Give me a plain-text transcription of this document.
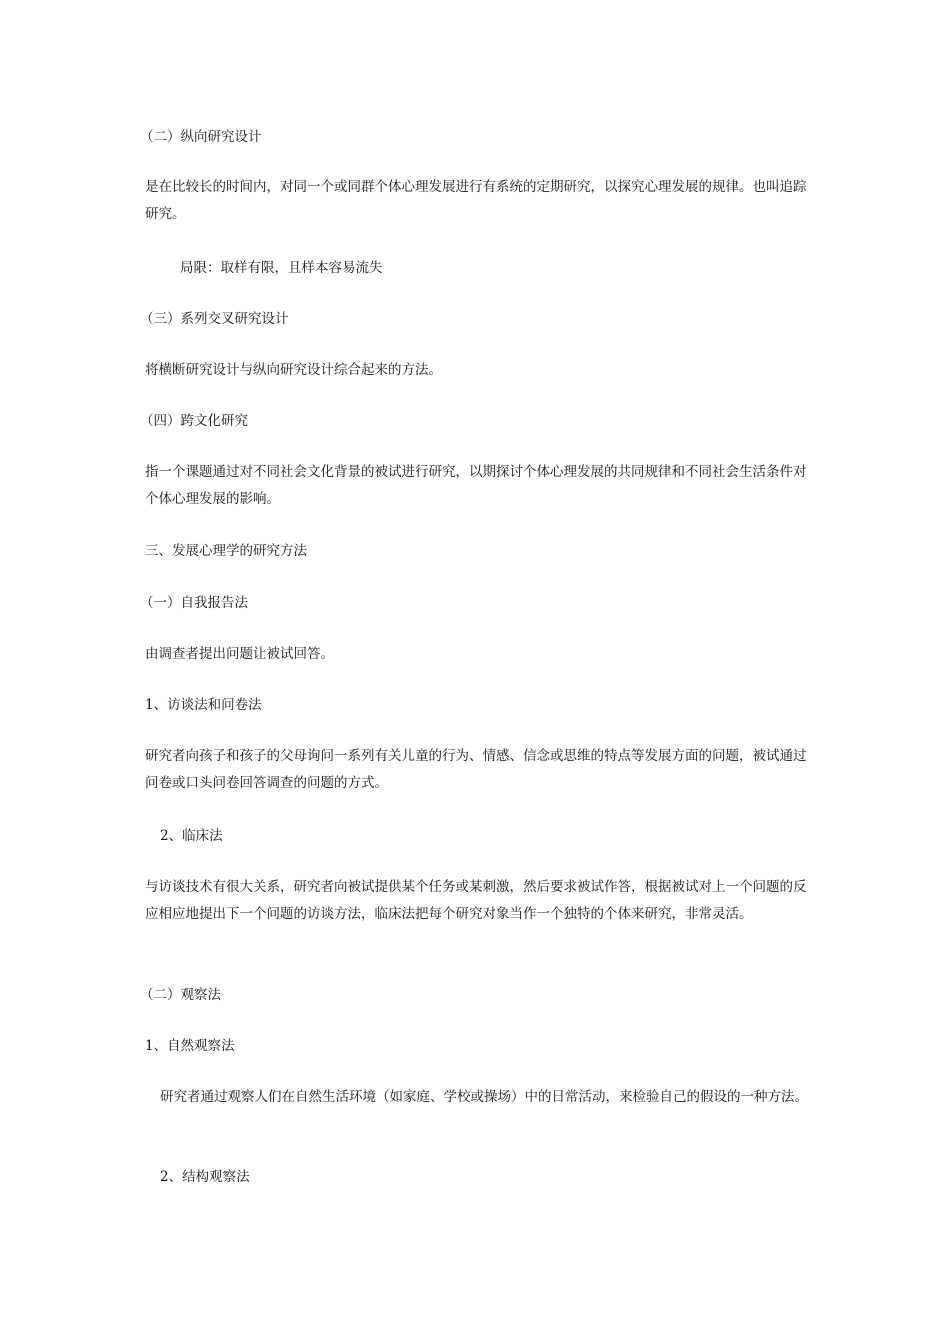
（二）纵向研究设计

是在比较长的时间内，对同一个或同群个体心理发展进行有系统的定期研究，以探究心理发展的规律。也叫追踪研究。

局限：取样有限，且样本容易流失

（三）系列交叉研究设计

将横断研究设计与纵向研究设计综合起来的方法。

（四）跨文化研究

指一个课题通过对不同社会文化背景的被试进行研究，以期探讨个体心理发展的共同规律和不同社会生活条件对个体心理发展的影响。

三、发展心理学的研究方法

（一）自我报告法

由调查者提出问题让被试回答。

1、访谈法和问卷法

研究者向孩子和孩子的父母询问一系列有关儿童的行为、情感、信念或思维的特点等发展方面的问题，被试通过问卷或口头问卷回答调查的问题的方式。

2、临床法

与访谈技术有很大关系，研究者向被试提供某个任务或某刺激，然后要求被试作答，根据被试对上一个问题的反应相应地提出下一个问题的访谈方法，临床法把每个研究对象当作一个独特的个体来研究，非常灵活。

（二）观察法

1、自然观察法

研究者通过观察人们在自然生活环境（如家庭、学校或操场）中的日常活动，来检验自己的假设的一种方法。

2、结构观察法
